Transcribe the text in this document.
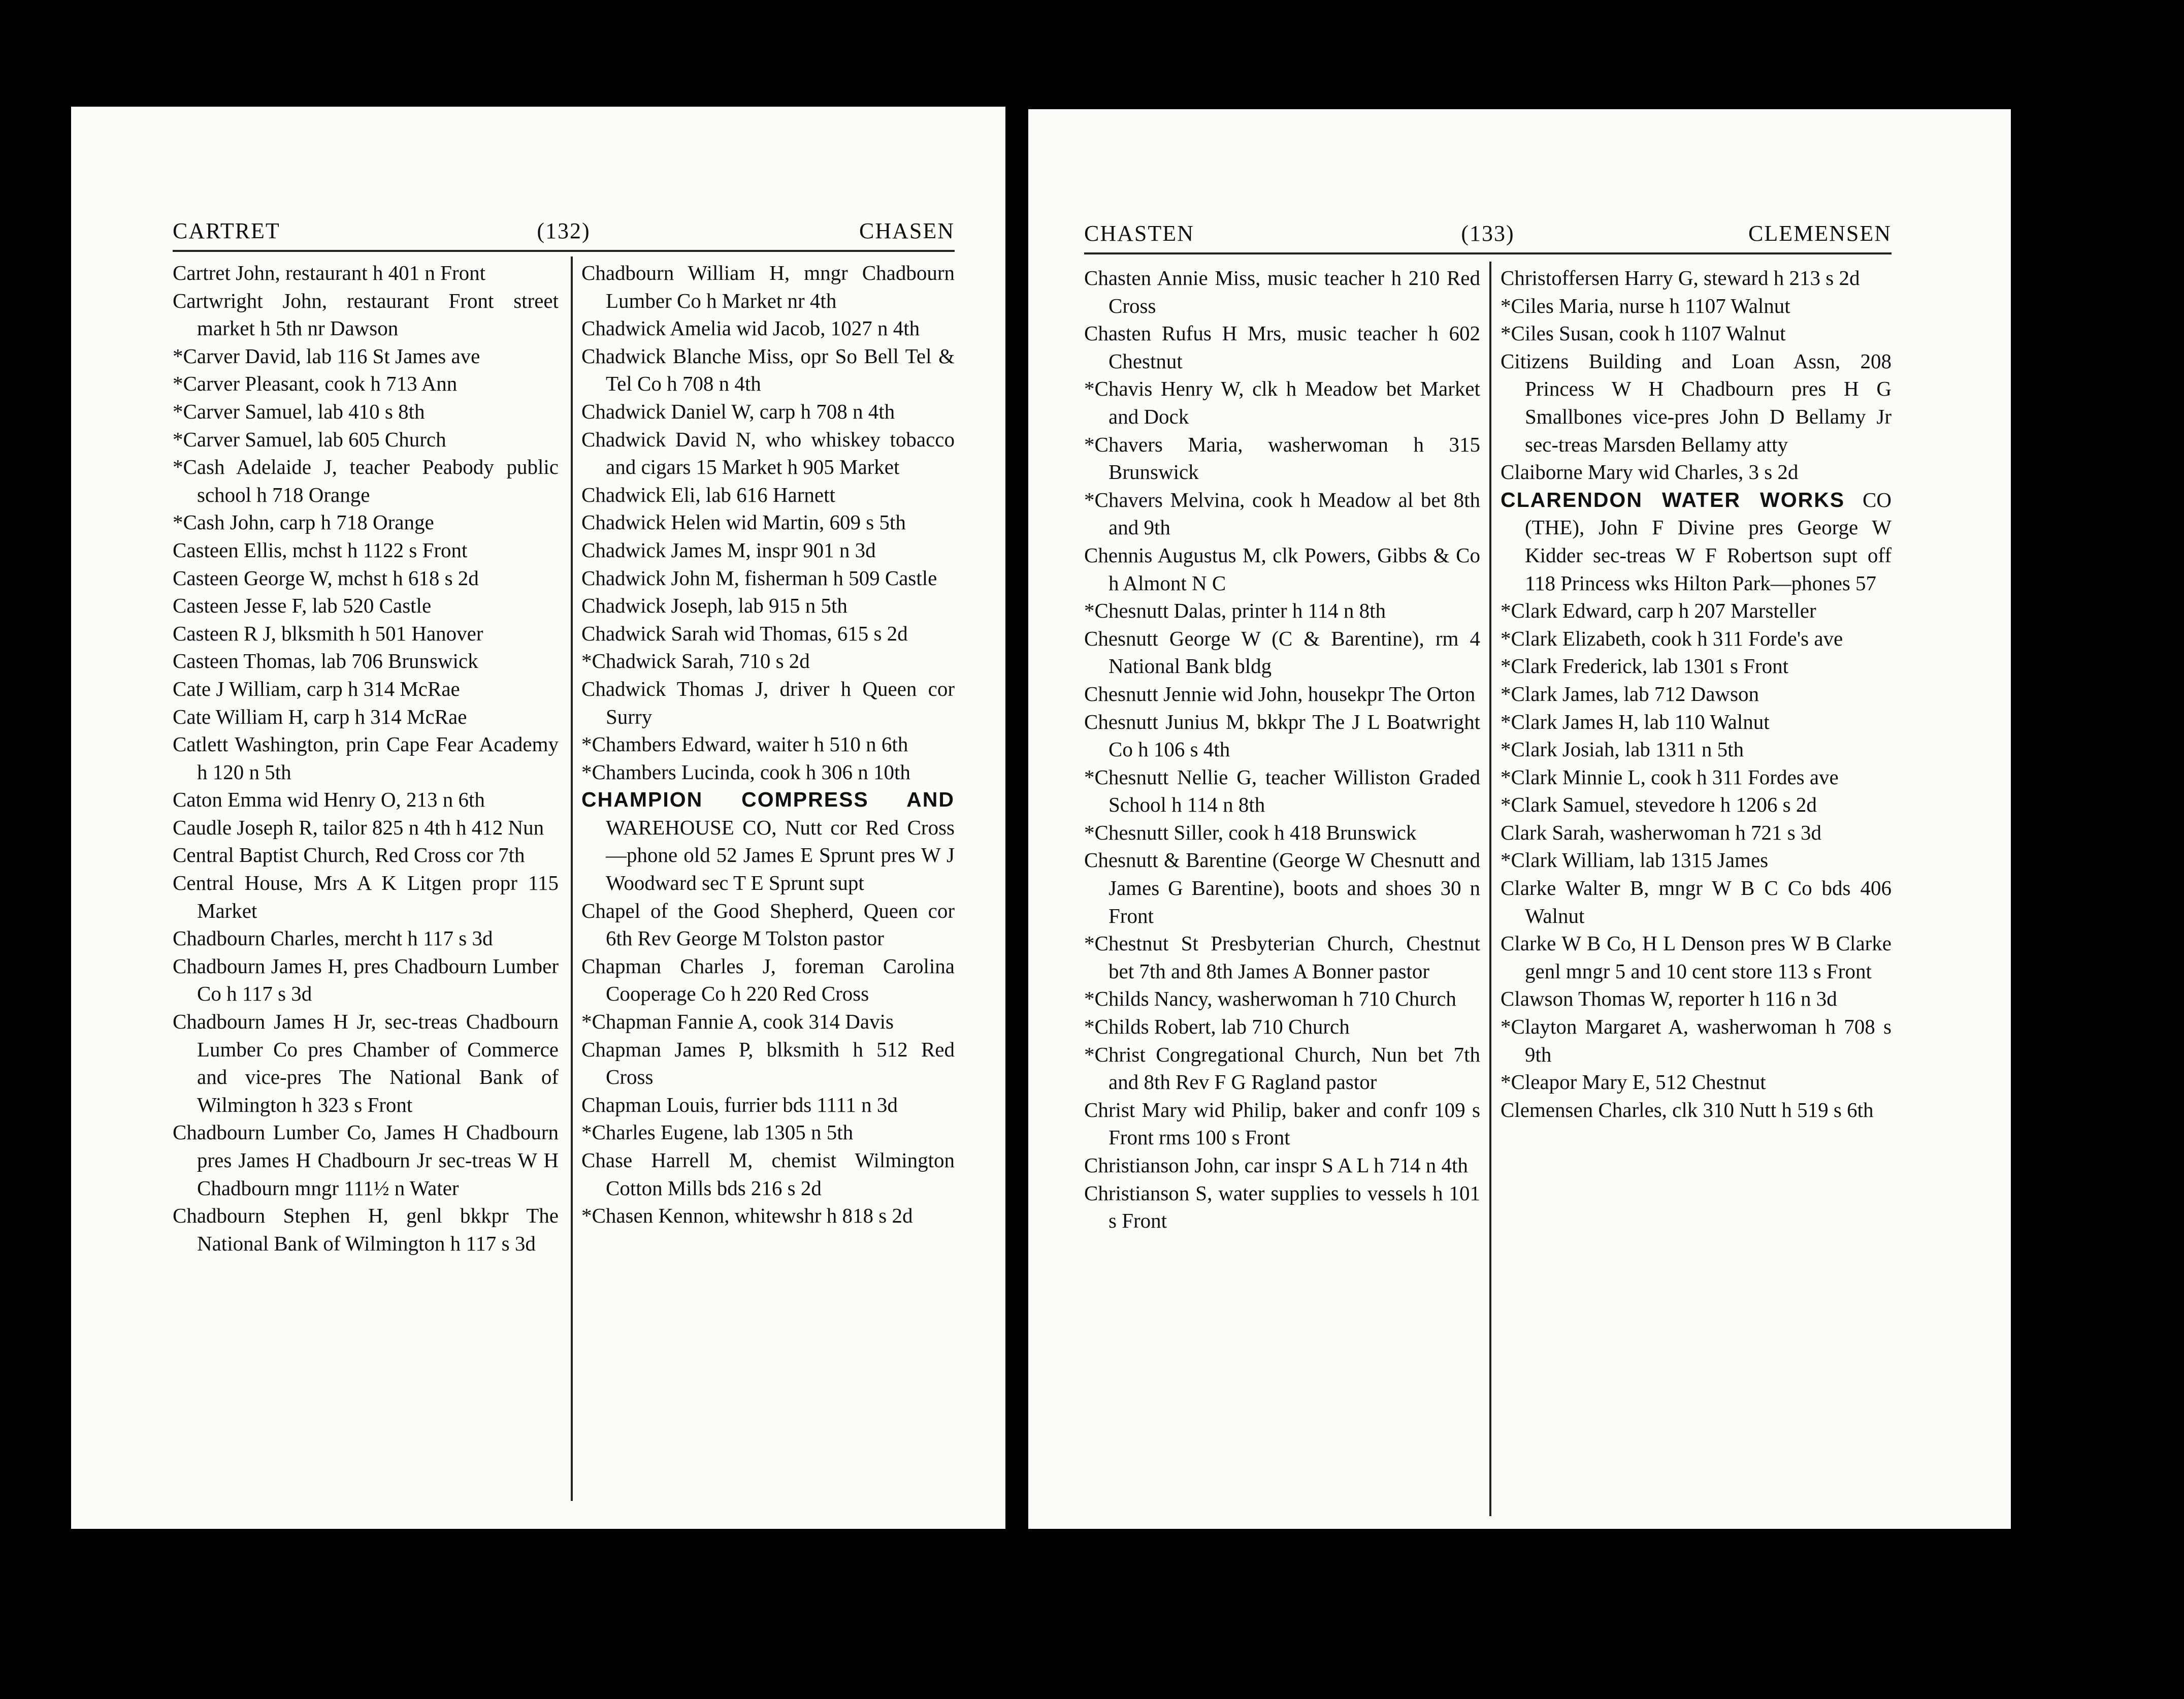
CARTRET	(132)	CHASEN
Cartret John, restaurant h 401 n Front
Cartwright John, restaurant Front street market h 5th nr Dawson
*Carver David, lab 116 St James ave
*Carver Pleasant, cook h 713 Ann
*Carver Samuel, lab 410 s 8th
*Carver Samuel, lab 605 Church
*Cash Adelaide J, teacher Peabody public school h 718 Orange
*Cash John, carp h 718 Orange
Casteen Ellis, mchst h 1122 s Front
Casteen George W, mchst h 618 s 2d
Casteen Jesse F, lab 520 Castle
Casteen R J, blksmith h 501 Hanover
Casteen Thomas, lab 706 Brunswick
Cate J William, carp h 314 McRae
Cate William H, carp h 314 McRae
Catlett Washington, prin Cape Fear Academy h 120 n 5th
Caton Emma wid Henry O, 213 n 6th
Caudle Joseph R, tailor 825 n 4th h 412 Nun
Central Baptist Church, Red Cross cor 7th
Central House, Mrs A K Litgen propr 115 Market
Chadbourn Charles, mercht h 117 s 3d
Chadbourn James H, pres Chadbourn Lumber Co h 117 s 3d
Chadbourn James H Jr, sec-treas Chadbourn Lumber Co pres Chamber of Commerce and vice-pres The National Bank of Wilmington h 323 s Front
Chadbourn Lumber Co, James H Chadbourn pres James H Chadbourn Jr sec-treas W H Chadbourn mngr 111½ n Water
Chadbourn Stephen H, genl bkkpr The National Bank of Wilmington h 117 s 3d
Chadbourn William H, mngr Chadbourn Lumber Co h Market nr 4th
Chadwick Amelia wid Jacob, 1027 n 4th
Chadwick Blanche Miss, opr So Bell Tel & Tel Co h 708 n 4th
Chadwick Daniel W, carp h 708 n 4th
Chadwick David N, who whiskey tobacco and cigars 15 Market h 905 Market
Chadwick Eli, lab 616 Harnett
Chadwick Helen wid Martin, 609 s 5th
Chadwick James M, inspr 901 n 3d
Chadwick John M, fisherman h 509 Castle
Chadwick Joseph, lab 915 n 5th
Chadwick Sarah wid Thomas, 615 s 2d
*Chadwick Sarah, 710 s 2d
Chadwick Thomas J, driver h Queen cor Surry
*Chambers Edward, waiter h 510 n 6th
*Chambers Lucinda, cook h 306 n 10th
CHAMPION COMPRESS AND WAREHOUSE CO, Nutt cor Red Cross—phone old 52 James E Sprunt pres W J Woodward sec T E Sprunt supt
Chapel of the Good Shepherd, Queen cor 6th Rev George M Tolston pastor
Chapman Charles J, foreman Carolina Cooperage Co h 220 Red Cross
*Chapman Fannie A, cook 314 Davis
Chapman James P, blksmith h 512 Red Cross
Chapman Louis, furrier bds 1111 n 3d
*Charles Eugene, lab 1305 n 5th
Chase Harrell M, chemist Wilmington Cotton Mills bds 216 s 2d
*Chasen Kennon, whitewshr h 818 s 2d
CHASTEN	(133)	CLEMENSEN
Chasten Annie Miss, music teacher h 210 Red Cross
Chasten Rufus H Mrs, music teacher h 602 Chestnut
*Chavis Henry W, clk h Meadow bet Market and Dock
*Chavers Maria, washerwoman h 315 Brunswick
*Chavers Melvina, cook h Meadow al bet 8th and 9th
Chennis Augustus M, clk Powers, Gibbs & Co h Almont N C
*Chesnutt Dalas, printer h 114 n 8th
Chesnutt George W (C & Barentine), rm 4 National Bank bldg
Chesnutt Jennie wid John, housekpr The Orton
Chesnutt Junius M, bkkpr The J L Boatwright Co h 106 s 4th
*Chesnutt Nellie G, teacher Williston Graded School h 114 n 8th
*Chesnutt Siller, cook h 418 Brunswick
Chesnutt & Barentine (George W Chesnutt and James G Barentine), boots and shoes 30 n Front
*Chestnut St Presbyterian Church, Chestnut bet 7th and 8th James A Bonner pastor
*Childs Nancy, washerwoman h 710 Church
*Childs Robert, lab 710 Church
*Christ Congregational Church, Nun bet 7th and 8th Rev F G Ragland pastor
Christ Mary wid Philip, baker and confr 109 s Front rms 100 s Front
Christianson John, car inspr S A L h 714 n 4th
Christianson S, water supplies to vessels h 101 s Front
Christoffersen Harry G, steward h 213 s 2d
*Ciles Maria, nurse h 1107 Walnut
*Ciles Susan, cook h 1107 Walnut
Citizens Building and Loan Assn, 208 Princess W H Chadbourn pres H G Smallbones vice-pres John D Bellamy Jr sec-treas Marsden Bellamy atty
Claiborne Mary wid Charles, 3 s 2d
CLARENDON WATER WORKS CO (THE), John F Divine pres George W Kidder sec-treas W F Robertson supt off 118 Princess wks Hilton Park—phones 57
*Clark Edward, carp h 207 Marsteller
*Clark Elizabeth, cook h 311 Forde's ave
*Clark Frederick, lab 1301 s Front
*Clark James, lab 712 Dawson
*Clark James H, lab 110 Walnut
*Clark Josiah, lab 1311 n 5th
*Clark Minnie L, cook h 311 Fordes ave
*Clark Samuel, stevedore h 1206 s 2d
Clark Sarah, washerwoman h 721 s 3d
*Clark William, lab 1315 James
Clarke Walter B, mngr W B C Co bds 406 Walnut
Clarke W B Co, H L Denson pres W B Clarke genl mngr 5 and 10 cent store 113 s Front
Clawson Thomas W, reporter h 116 n 3d
*Clayton Margaret A, washerwoman h 708 s 9th
*Cleapor Mary E, 512 Chestnut
Clemensen Charles, clk 310 Nutt h 519 s 6th
